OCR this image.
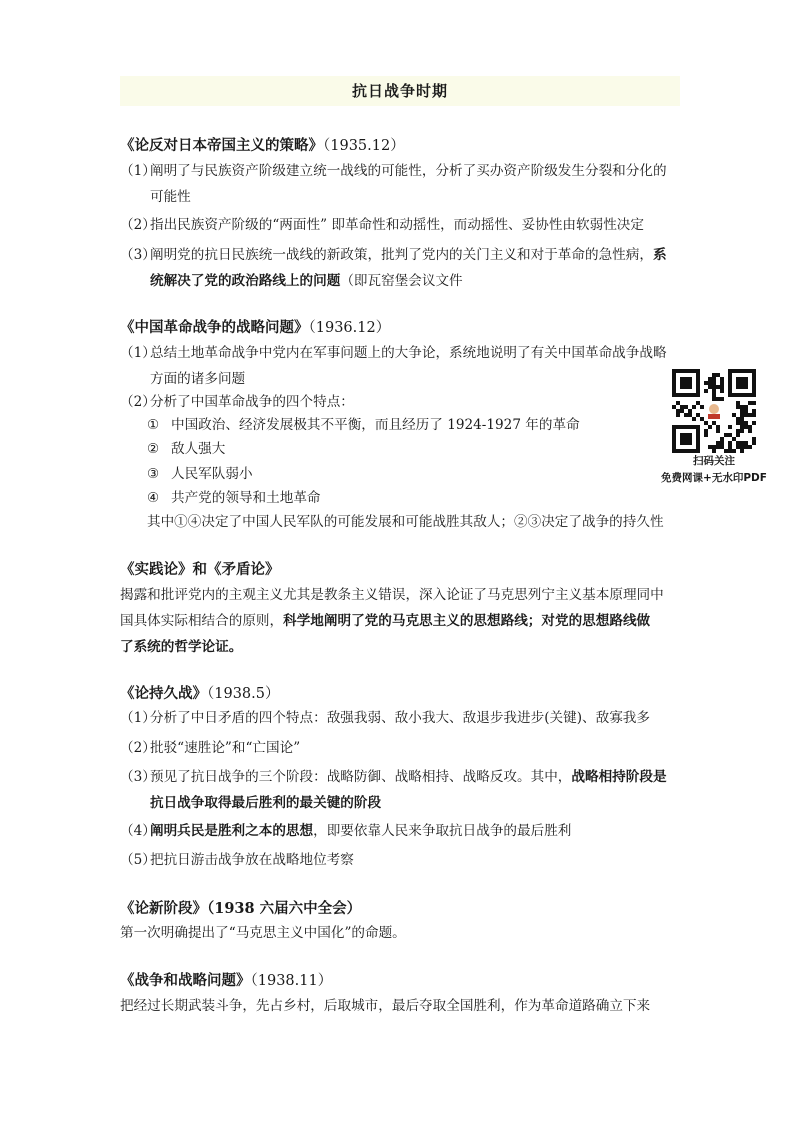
抗日战争时期
《论反对日本帝国主义的策略》（1935.12）
（1）
阐明了与民族资产阶级建立统一战线的可能性，分析了买办资产阶级发生分裂和分化的
可能性
（2）
指出民族资产阶级的“两面性” 即革命性和动摇性，而动摇性、妥协性由软弱性决定
（3）
阐明党的抗日民族统一战线的新政策，批判了党内的关门主义和对于革命的急性病，系
统解决了党的政治路线上的问题（即瓦窑堡会议文件
《中国革命战争的战略问题》（1936.12）
（1）
总结土地革命战争中党内在军事问题上的大争论，系统地说明了有关中国革命战争战略
方面的诸多问题
（2）
分析了中国革命战争的四个特点：
① 中国政治、经济发展极其不平衡，而且经历了 1924-1927 年的革命
② 敌人强大
③ 人民军队弱小
④ 共产党的领导和土地革命
其中①④决定了中国人民军队的可能发展和可能战胜其敌人；②③决定了战争的持久性
扫码关注
免费网课+无水印PDF
《实践论》和《矛盾论》
揭露和批评党内的主观主义尤其是教条主义错误，深入论证了马克思列宁主义基本原理同中
国具体实际相结合的原则，科学地阐明了党的马克思主义的思想路线；对党的思想路线做
了系统的哲学论证。
《论持久战》（1938.5）
（1）
分析了中日矛盾的四个特点：敌强我弱、敌小我大、敌退步我进步(关键)、敌寡我多
（2）
批驳“速胜论”和“亡国论”
（3）
预见了抗日战争的三个阶段：战略防御、战略相持、战略反攻。其中，战略相持阶段是
抗日战争取得最后胜利的最关键的阶段
（4）
阐明兵民是胜利之本的思想，即要依靠人民来争取抗日战争的最后胜利
（5）
把抗日游击战争放在战略地位考察
《论新阶段》（1938 六届六中全会）
第一次明确提出了“马克思主义中国化”的命题。
《战争和战略问题》（1938.11）
把经过长期武装斗争，先占乡村，后取城市，最后夺取全国胜利，作为革命道路确立下来
